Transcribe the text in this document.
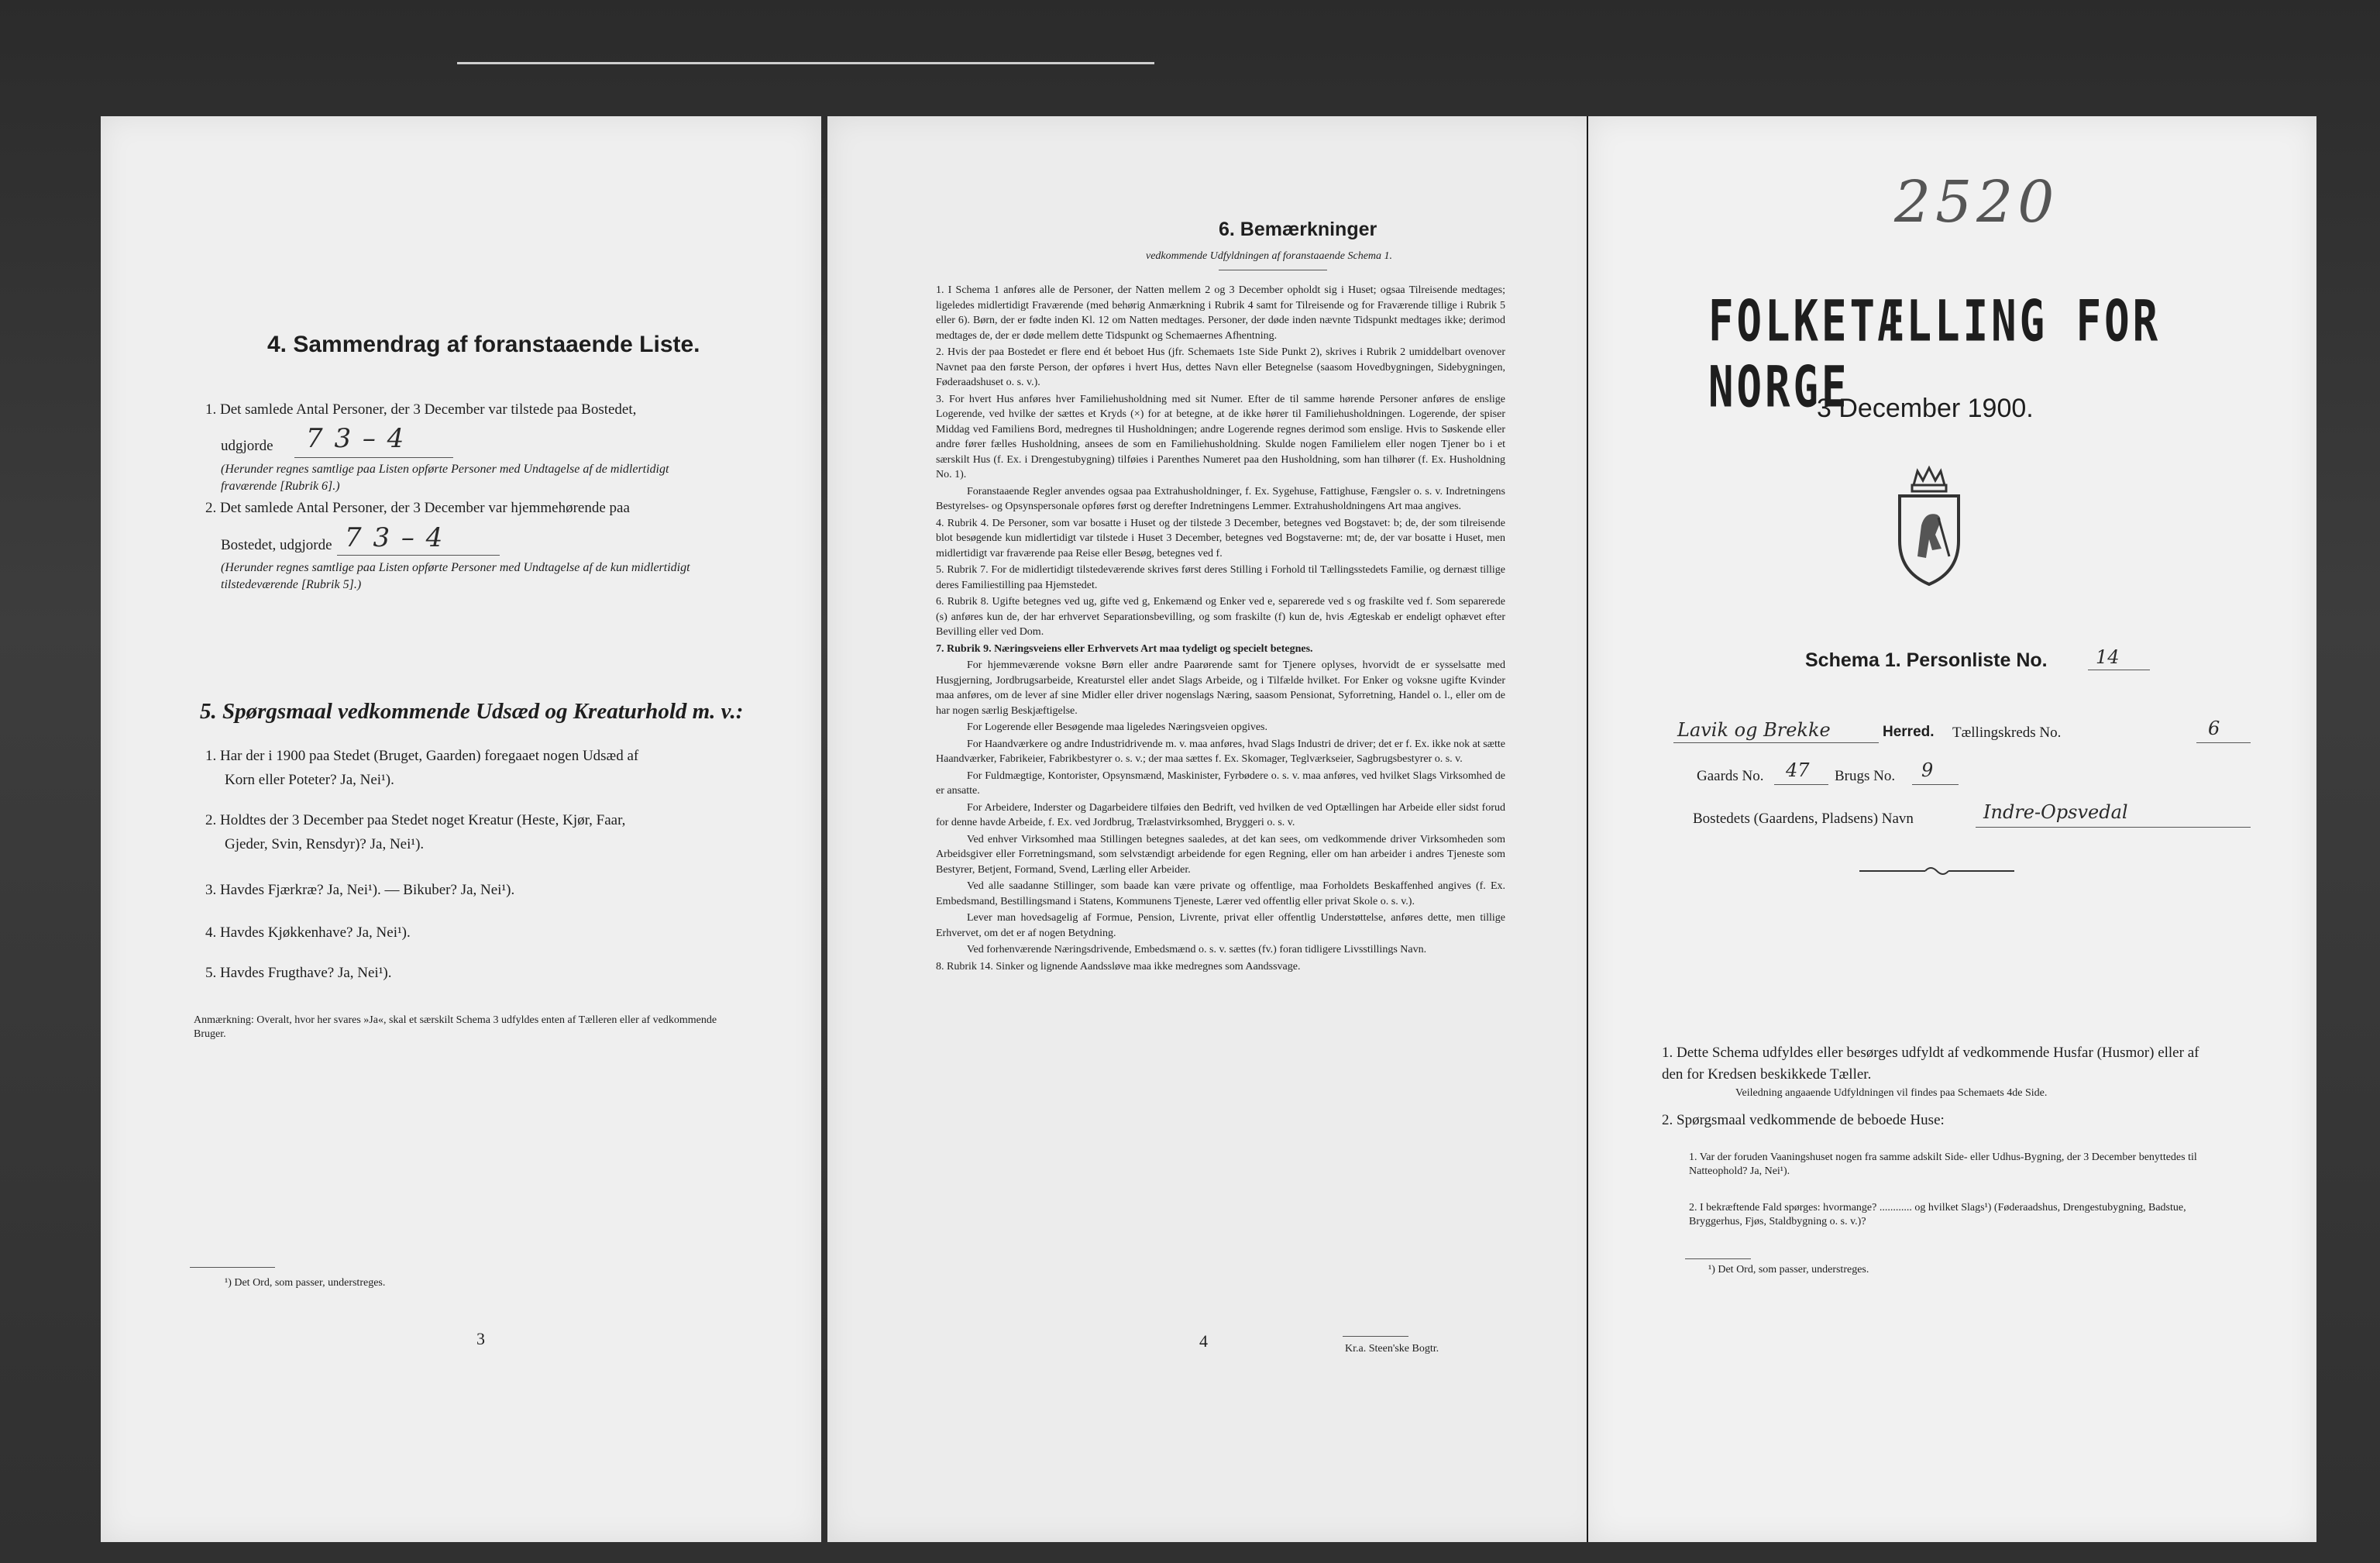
4. Sammendrag af foranstaaende Liste.
1. Det samlede Antal Personer, der 3 December var tilstede paa Bostedet,
udgjorde 7 3 – 4
(Herunder regnes samtlige paa Listen opførte Personer med Undtagelse af de midlertidigt fraværende [Rubrik 6].)
2. Det samlede Antal Personer, der 3 December var hjemmehørende paa
Bostedet, udgjorde 7 3 – 4
(Herunder regnes samtlige paa Listen opførte Personer med Undtagelse af de kun midlertidigt tilstedeværende [Rubrik 5].)
5. Spørgsmaal vedkommende Udsæd og Kreaturhold m. v.:
1. Har der i 1900 paa Stedet (Bruget, Gaarden) foregaaet nogen Udsæd af
Korn eller Poteter? Ja, Nei¹).
2. Holdtes der 3 December paa Stedet noget Kreatur (Heste, Kjør, Faar,
Gjeder, Svin, Rensdyr)? Ja, Nei¹).
3. Havdes Fjærkræ? Ja, Nei¹). — Bikuber? Ja, Nei¹).
4. Havdes Kjøkkenhave? Ja, Nei¹).
5. Havdes Frugthave? Ja, Nei¹).
Anmærkning: Overalt, hvor her svares »Ja«, skal et særskilt Schema 3 udfyldes enten af Tælleren eller af vedkommende Bruger.
¹) Det Ord, som passer, understreges.
3
6. Bemærkninger
vedkommende Udfyldningen af foranstaaende Schema 1.

1. I Schema 1 anføres alle de Personer, der Natten mellem 2 og 3 December opholdt sig i Huset; ogsaa Tilreisende medtages; ligeledes midlertidigt Fraværende (med behørig Anmærkning i Rubrik 4 samt for Tilreisende og for Fraværende tillige i Rubrik 5 eller 6). Børn, der er fødte inden Kl. 12 om Natten medtages. Personer, der døde inden nævnte Tidspunkt medtages ikke; derimod medtages de, der er døde mellem dette Tidspunkt og Schemaernes Afhentning.

2. Hvis der paa Bostedet er flere end ét beboet Hus (jfr. Schemaets 1ste Side Punkt 2), skrives i Rubrik 2 umiddelbart ovenover Navnet paa den første Person, der opføres i hvert Hus, dettes Navn eller Betegnelse (saasom Hovedbygningen, Sidebygningen, Føderaadshuset o. s. v.).

3. For hvert Hus anføres hver Familiehusholdning med sit Numer. Efter de til samme hørende Personer anføres de enslige Logerende, ved hvilke der sættes et Kryds (×) for at betegne, at de ikke hører til Familiehusholdningen. Logerende, der spiser Middag ved Familiens Bord, medregnes til Husholdningen; andre Logerende regnes derimod som enslige. Hvis to Søskende eller andre fører fælles Husholdning, ansees de som en Familiehusholdning. Skulde nogen Familielem eller nogen Tjener bo i et særskilt Hus (f. Ex. i Drengestubygning) tilføies i Parenthes Numeret paa den Husholdning, som han tilhører (f. Ex. Husholdning No. 1).

Foranstaaende Regler anvendes ogsaa paa Extrahusholdninger, f. Ex. Sygehuse, Fattighuse, Fængsler o. s. v. Indretningens Bestyrelses- og Opsynspersonale opføres først og derefter Indretningens Lemmer. Extrahusholdningens Art maa angives.

4. Rubrik 4. De Personer, som var bosatte i Huset og der tilstede 3 December, betegnes ved Bogstavet: b; de, der som tilreisende blot besøgende kun midlertidigt var tilstede i Huset 3 December, betegnes ved Bogstaverne: mt; de, der var bosatte i Huset, men midlertidigt var fraværende paa Reise eller Besøg, betegnes ved f.

5. Rubrik 7. For de midlertidigt tilstedeværende skrives først deres Stilling i Forhold til Tællingsstedets Familie, og dernæst tillige deres Familiestilling paa Hjemstedet.

6. Rubrik 8. Ugifte betegnes ved ug, gifte ved g, Enkemænd og Enker ved e, separerede ved s og fraskilte ved f. Som separerede (s) anføres kun de, der har erhvervet Separationsbevilling, og som fraskilte (f) kun de, hvis Ægteskab er endeligt ophævet efter Bevilling eller ved Dom.

7. Rubrik 9. Næringsveiens eller Erhvervets Art maa tydeligt og specielt betegnes.

For hjemmeværende voksne Børn eller andre Paarørende samt for Tjenere oplyses, hvorvidt de er sysselsatte med Husgjerning, Jordbrugsarbeide, Kreaturstel eller andet Slags Arbeide, og i Tilfælde hvilket. For Enker og voksne ugifte Kvinder maa anføres, om de lever af sine Midler eller driver nogenslags Næring, saasom Pensionat, Syforretning, Handel o. l., eller om de har nogen særlig Beskjæftigelse.

For Logerende eller Besøgende maa ligeledes Næringsveien opgives.

For Haandværkere og andre Industridrivende m. v. maa anføres, hvad Slags Industri de driver; det er f. Ex. ikke nok at sætte Haandværker, Fabrikeier, Fabrikbestyrer o. s. v.; der maa sættes f. Ex. Skomager, Teglværkseier, Sagbrugsbestyrer o. s. v.

For Fuldmægtige, Kontorister, Opsynsmænd, Maskinister, Fyrbødere o. s. v. maa anføres, ved hvilket Slags Virksomhed de er ansatte.

For Arbeidere, Inderster og Dagarbeidere tilføies den Bedrift, ved hvilken de ved Optællingen har Arbeide eller sidst forud for denne havde Arbeide, f. Ex. ved Jordbrug, Trælastvirksomhed, Bryggeri o. s. v.

Ved enhver Virksomhed maa Stillingen betegnes saaledes, at det kan sees, om vedkommende driver Virksomheden som Arbeidsgiver eller Forretningsmand, som selvstændigt arbeidende for egen Regning, eller om han arbeider i andres Tjeneste som Bestyrer, Betjent, Formand, Svend, Lærling eller Arbeider.

Ved alle saadanne Stillinger, som baade kan være private og offentlige, maa Forholdets Beskaffenhed angives (f. Ex. Embedsmand, Bestillingsmand i Statens, Kommunens Tjeneste, Lærer ved offentlig eller privat Skole o. s. v.).

Lever man hovedsagelig af Formue, Pension, Livrente, privat eller offentlig Understøttelse, anføres dette, men tillige Erhvervet, om det er af nogen Betydning.

Ved forhenværende Næringsdrivende, Embedsmænd o. s. v. sættes (fv.) foran tidligere Livsstillings Navn.

8. Rubrik 14. Sinker og lignende Aandssløve maa ikke medregnes som Aandssvage.

4	Kr.a. Steen'ske Bogtr.
2520
FOLKETÆLLING FOR NORGE
3 December 1900.
Schema 1. Personliste No.	14
Lavik og Brekke	Herred. Tællingskreds No.	6
Gaards No. 47 Brugs No. 9
Bostedets (Gaardens, Pladsens) Navn	Indre-Opsvedal
1. Dette Schema udfyldes eller besørges udfyldt af vedkommende Husfar (Husmor) eller af den for Kredsen beskikkede Tæller.
Veiledning angaaende Udfyldningen vil findes paa Schemaets 4de Side.
2. Spørgsmaal vedkommende de beboede Huse:
1. Var der foruden Vaaningshuset nogen fra samme adskilt Side- eller Udhus-Bygning, der 3 December benyttedes til Natteophold? Ja, Nei¹).
2. I bekræftende Fald spørges: hvormange? ............ og hvilket Slags¹) (Føderaadshus, Drengestubygning, Badstue, Bryggerhus, Fjøs, Staldbygning o. s. v.)?
¹) Det Ord, som passer, understreges.
